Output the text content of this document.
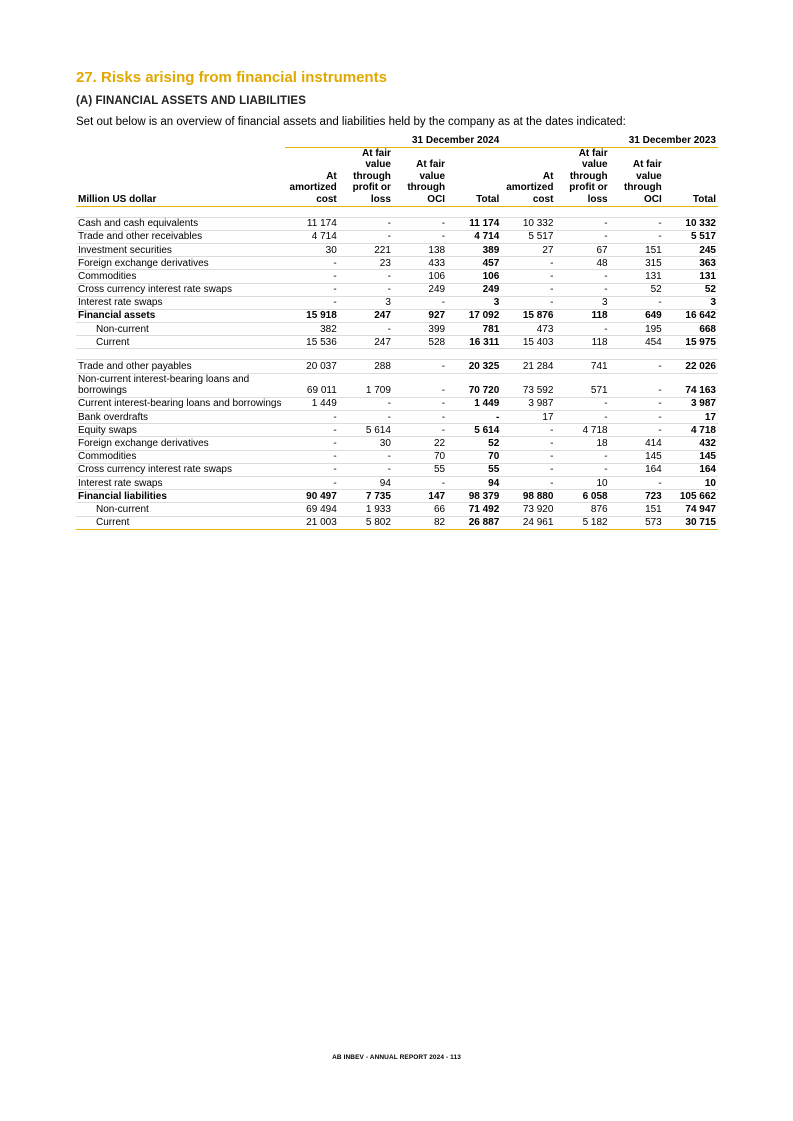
27. Risks arising from financial instruments
(A) FINANCIAL ASSETS AND LIABILITIES
Set out below is an overview of financial assets and liabilities held by the company as at the dates indicated:
	31 December 2024				31 December 2023			
Million US dollar	At
amortized
cost	At fair
value
through
profit or
loss	At fair
value
through
OCI	Total	At
amortized
cost	At fair
value
through
profit or
loss	At fair
value
through
OCI	Total

Cash and cash equivalents	11 174	-	-	11 174	10 332	-	-	10 332
Trade and other receivables	4 714	-	-	4 714	5 517	-	-	5 517
Investment securities	30	221	138	389	27	67	151	245
Foreign exchange derivatives	-	23	433	457	-	48	315	363
Commodities	-	-	106	106	-	-	131	131
Cross currency interest rate swaps	-	-	249	249	-	-	52	52
Interest rate swaps	-	3	-	3	-	3	-	3
Financial assets	15 918	247	927	17 092	15 876	118	649	16 642
Non-current	382	-	399	781	473	-	195	668
Current	15 536	247	528	16 311	15 403	118	454	15 975

Trade and other payables	20 037	288	-	20 325	21 284	741	-	22 026
Non-current interest-bearing loans and borrowings	69 011	1 709	-	70 720	73 592	571	-	74 163
Current interest-bearing loans and borrowings	1 449	-	-	1 449	3 987	-	-	3 987
Bank overdrafts	-	-	-	-	17	-	-	17
Equity swaps	-	5 614	-	5 614	-	4 718	-	4 718
Foreign exchange derivatives	-	30	22	52	-	18	414	432
Commodities	-	-	70	70	-	-	145	145
Cross currency interest rate swaps	-	-	55	55	-	-	164	164
Interest rate swaps	-	94	-	94	-	10	-	10
Financial liabilities	90 497	7 735	147	98 379	98 880	6 058	723	105 662
Non-current	69 494	1 933	66	71 492	73 920	876	151	74 947
Current	21 003	5 802	82	26 887	24 961	5 182	573	30 715
AB INBEV - ANNUAL REPORT 2024 - 113
